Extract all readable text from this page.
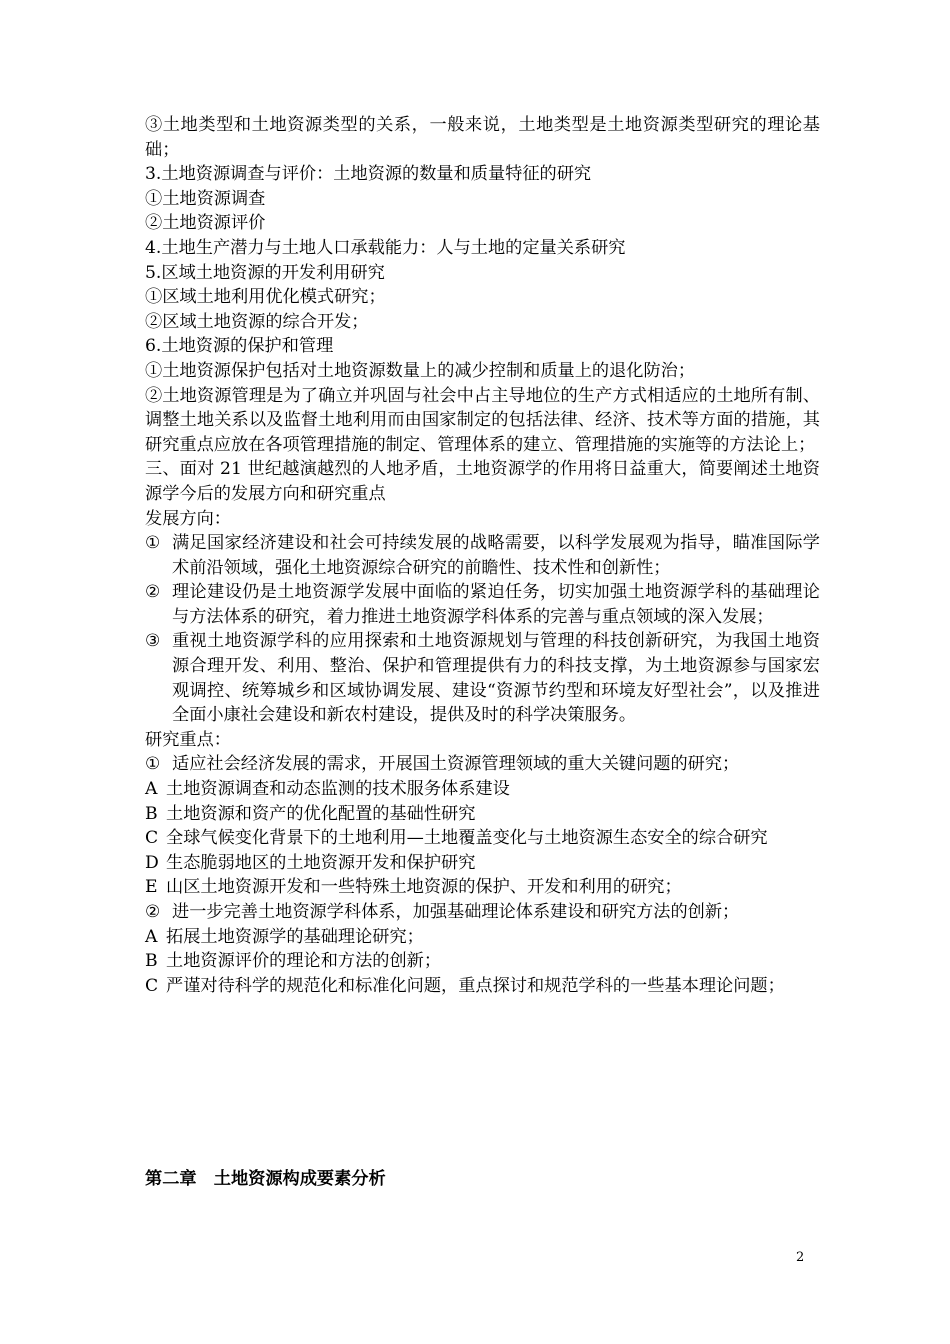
③土地类型和土地资源类型的关系，一般来说，土地类型是土地资源类型研究的理论基础；
3.土地资源调查与评价：土地资源的数量和质量特征的研究
①土地资源调查
②土地资源评价
4.土地生产潜力与土地人口承载能力：人与土地的定量关系研究
5.区域土地资源的开发利用研究
①区域土地利用优化模式研究；
②区域土地资源的综合开发；
6.土地资源的保护和管理
①土地资源保护包括对土地资源数量上的减少控制和质量上的退化防治；
②土地资源管理是为了确立并巩固与社会中占主导地位的生产方式相适应的土地所有制、调整土地关系以及监督土地利用而由国家制定的包括法律、经济、技术等方面的措施，其研究重点应放在各项管理措施的制定、管理体系的建立、管理措施的实施等的方法论上；
三、面对 21 世纪越演越烈的人地矛盾，土地资源学的作用将日益重大，简要阐述土地资源学今后的发展方向和研究重点
发展方向：
① 满足国家经济建设和社会可持续发展的战略需要，以科学发展观为指导，瞄准国际学术前沿领域，强化土地资源综合研究的前瞻性、技术性和创新性；
② 理论建设仍是土地资源学发展中面临的紧迫任务，切实加强土地资源学科的基础理论与方法体系的研究，着力推进土地资源学科体系的完善与重点领域的深入发展；
③ 重视土地资源学科的应用探索和土地资源规划与管理的科技创新研究，为我国土地资源合理开发、利用、整治、保护和管理提供有力的科技支撑，为土地资源参与国家宏观调控、统筹城乡和区域协调发展、建设“资源节约型和环境友好型社会”，以及推进全面小康社会建设和新农村建设，提供及时的科学决策服务。
研究重点：
① 适应社会经济发展的需求，开展国土资源管理领域的重大关键问题的研究；
A 土地资源调查和动态监测的技术服务体系建设
B 土地资源和资产的优化配置的基础性研究
C 全球气候变化背景下的土地利用—土地覆盖变化与土地资源生态安全的综合研究
D 生态脆弱地区的土地资源开发和保护研究
E 山区土地资源开发和一些特殊土地资源的保护、开发和利用的研究；
② 进一步完善土地资源学科体系，加强基础理论体系建设和研究方法的创新；
A 拓展土地资源学的基础理论研究；
B 土地资源评价的理论和方法的创新；
C 严谨对待科学的规范化和标准化问题，重点探讨和规范学科的一些基本理论问题；
第二章　土地资源构成要素分析
2
